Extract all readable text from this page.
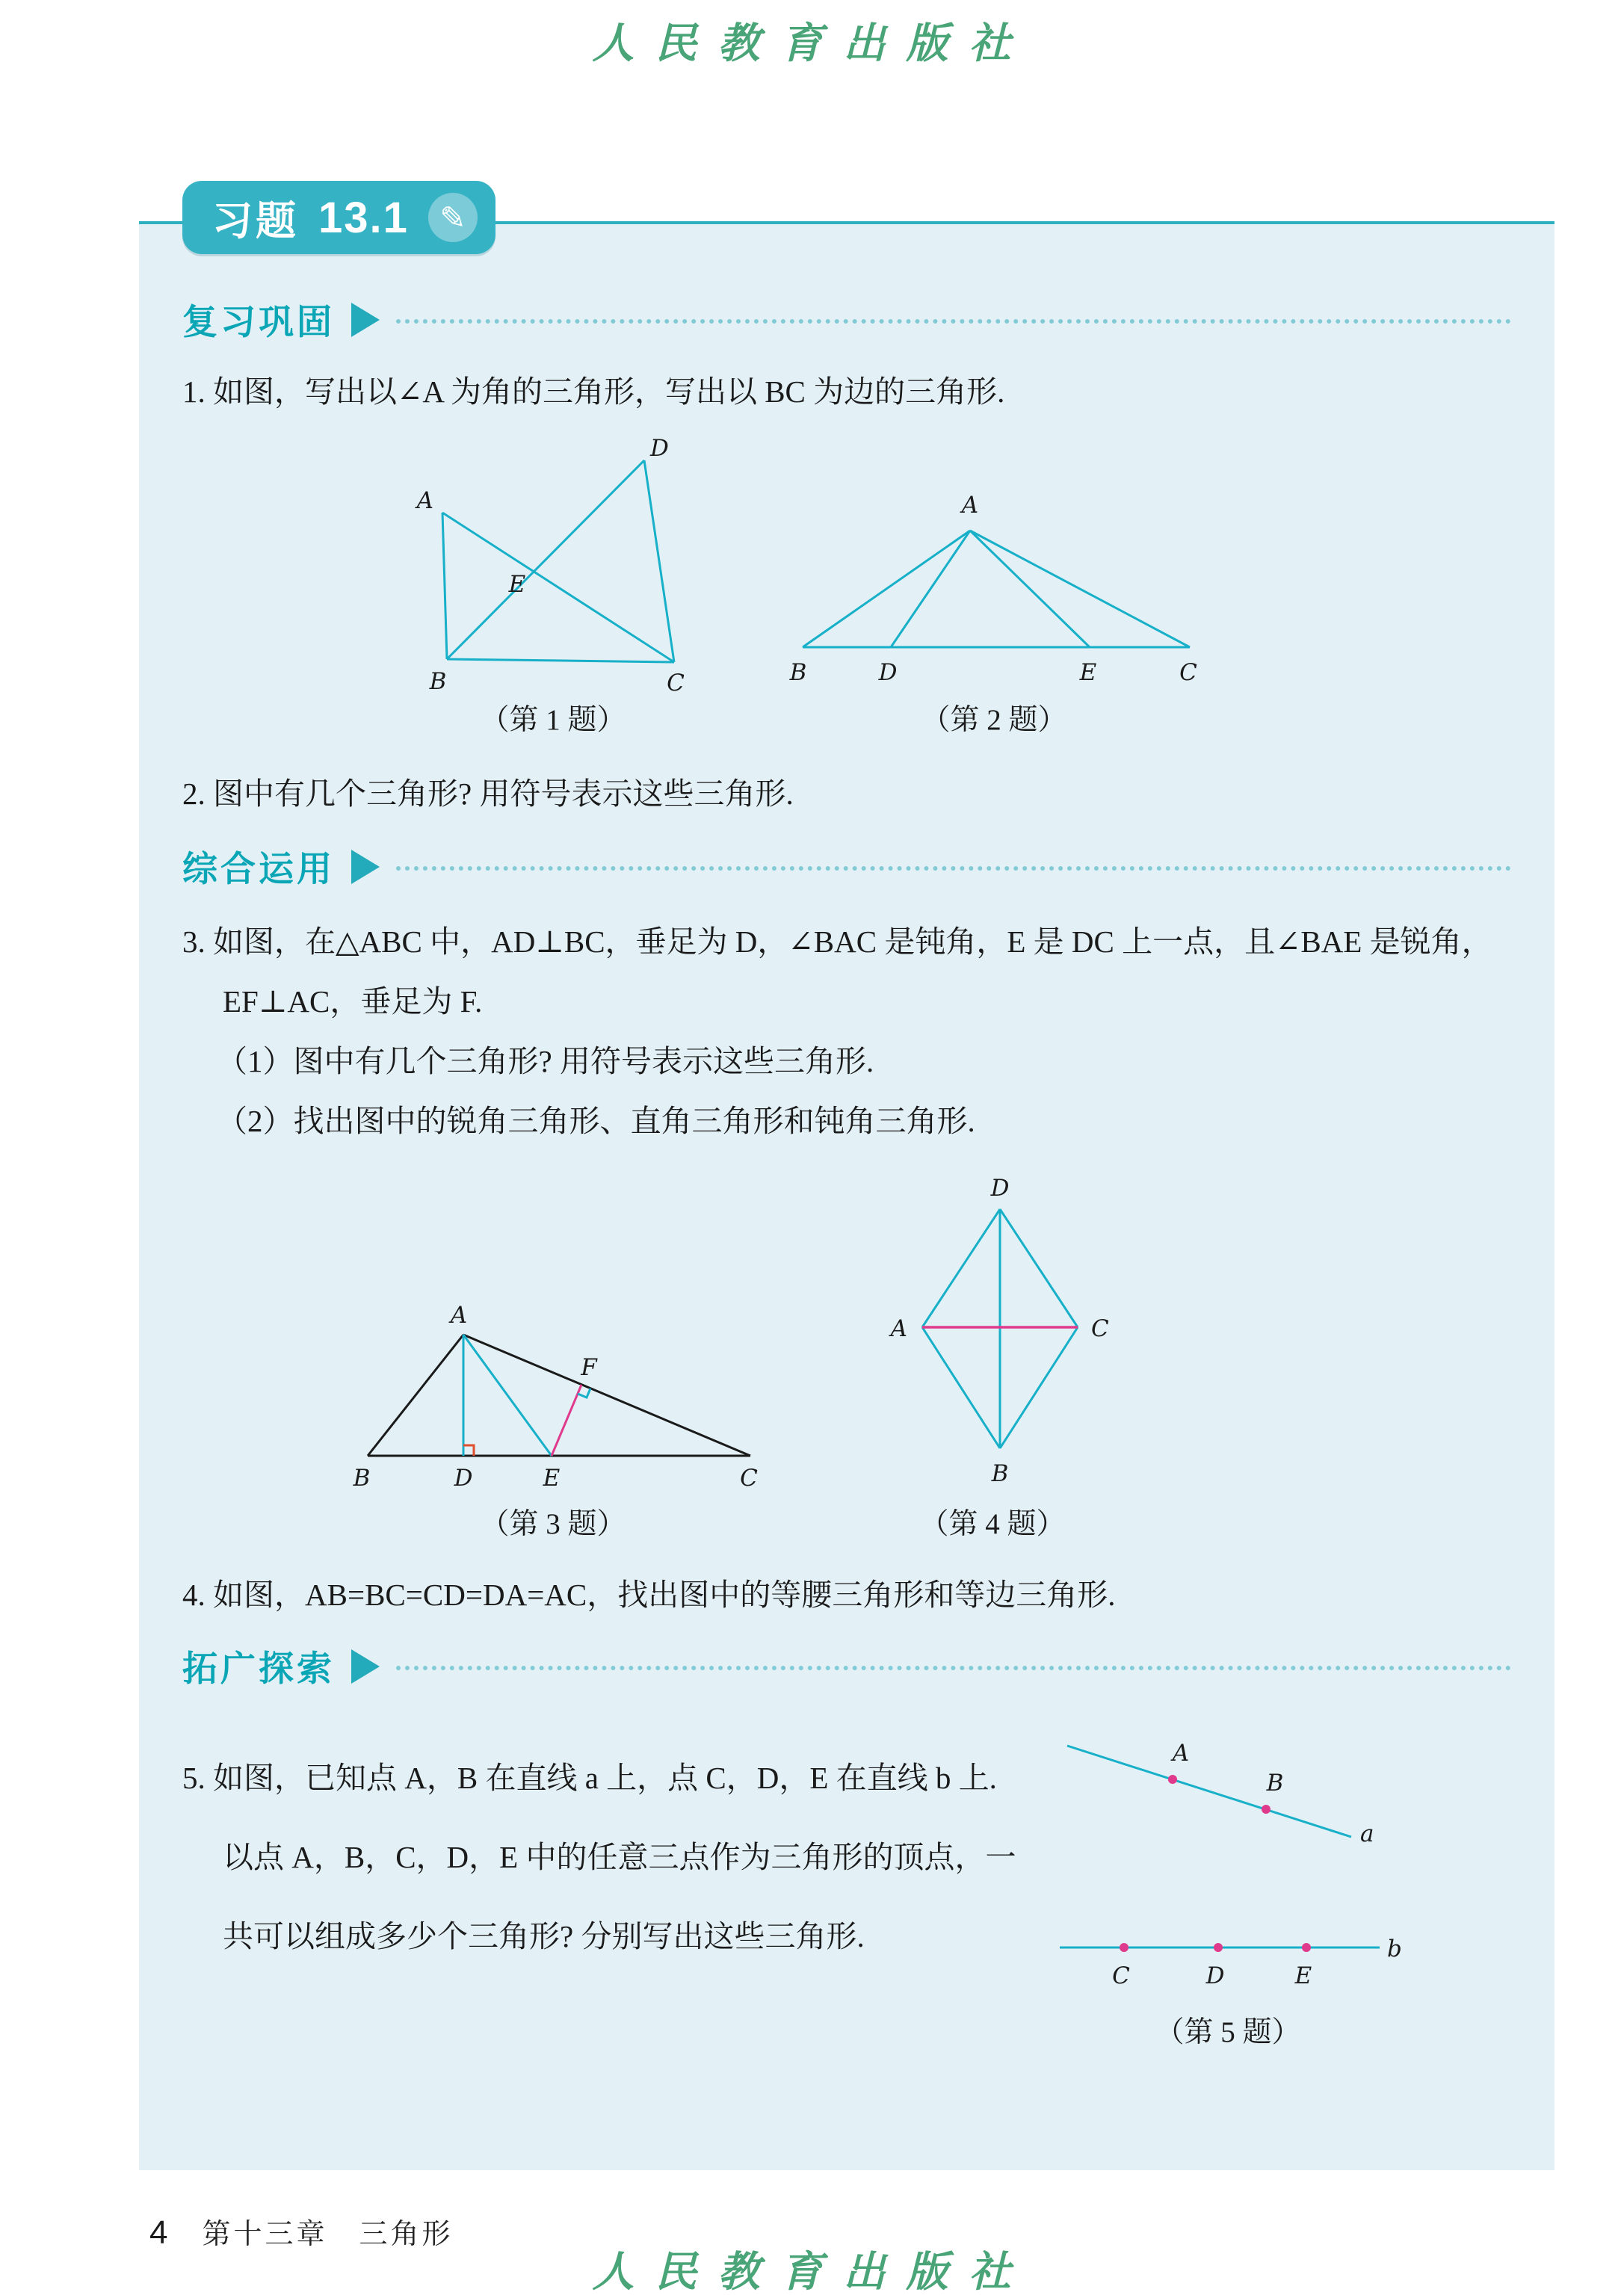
人民教育出版社
习题 13.1 ✎
复习巩固
1. 如图，写出以∠A 为角的三角形，写出以 BC 为边的三角形.
A
D
B	C
E
A
B	D	E	C
（第 1 题）	（第 2 题）
2. 图中有几个三角形? 用符号表示这些三角形.
综合运用
3. 如图，在△ABC 中，AD⊥BC，垂足为 D，∠BAC 是钝角，E 是 DC 上一点，且∠BAE 是锐角，EF⊥AC，垂足为 F.
（1）图中有几个三角形? 用符号表示这些三角形.
（2）找出图中的锐角三角形、直角三角形和钝角三角形.
A
F
B	D	E	C
D
A	C
B
（第 3 题）	（第 4 题）
4. 如图，AB=BC=CD=DA=AC，找出图中的等腰三角形和等边三角形.
拓广探索
5. 如图，已知点 A，B 在直线 a 上，点 C，D，E 在直线 b 上. 以点 A，B，C，D，E 中的任意三点作为三角形的顶点，一共可以组成多少个三角形? 分别写出这些三角形.
A
B
a
C	D	E
b
（第 5 题）
4 第十三章　三角形
人民教育出版社
